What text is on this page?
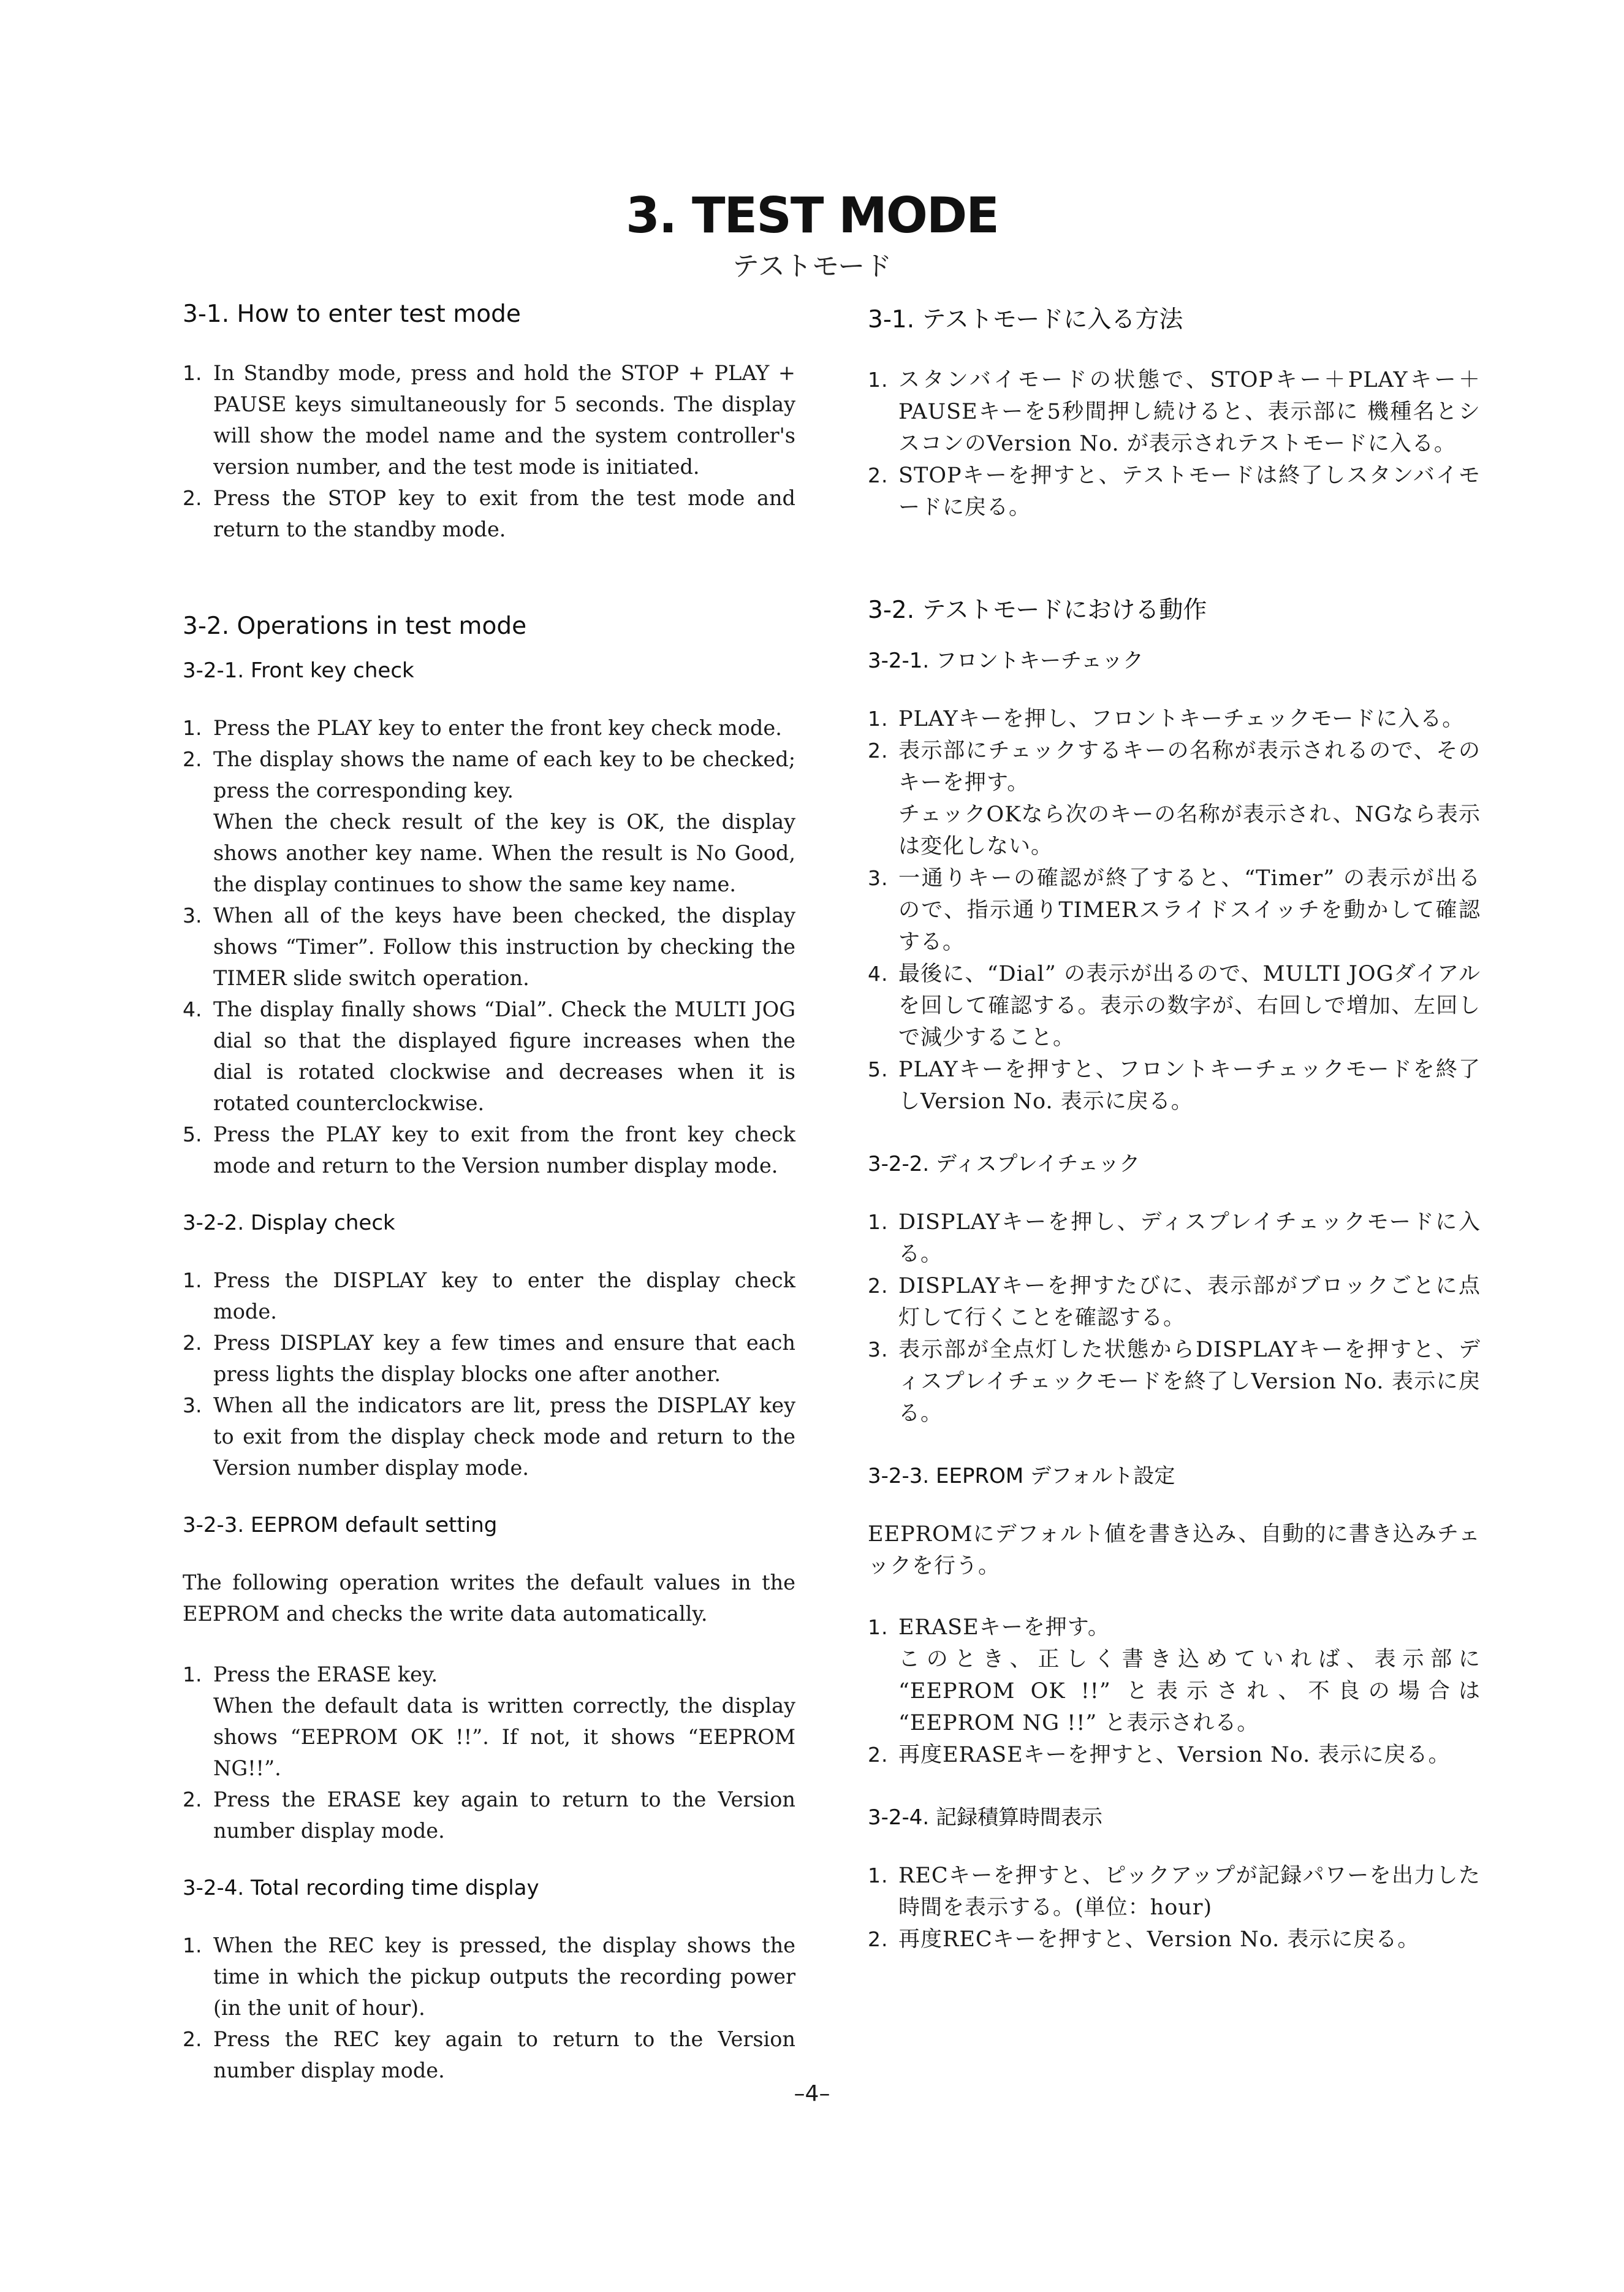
3. TEST MODE
テストモード
3-1. How to enter test mode
1. In Standby mode, press and hold the STOP + PLAY + PAUSE keys simultaneously for 5 seconds. The display will show the model name and the system controller's version number, and the test mode is initiated.
2. Press the STOP key to exit from the test mode and return to the standby mode.
3-2. Operations in test mode
3-2-1. Front key check
1. Press the PLAY key to enter the front key check mode.
2. The display shows the name of each key to be checked; press the corresponding key.
When the check result of the key is OK, the display shows another key name. When the result is No Good, the display continues to show the same key name.
3. When all of the keys have been checked, the display shows “Timer”. Follow this instruction by checking the TIMER slide switch operation.
4. The display finally shows “Dial”. Check the MULTI JOG dial so that the displayed figure increases when the dial is rotated clockwise and decreases when it is rotated counterclockwise.
5. Press the PLAY key to exit from the front key check mode and return to the Version number display mode.
3-2-2. Display check
1. Press the DISPLAY key to enter the display check mode.
2. Press DISPLAY key a few times and ensure that each press lights the display blocks one after another.
3. When all the indicators are lit, press the DISPLAY key to exit from the display check mode and return to the Version number display mode.
3-2-3. EEPROM default setting

The following operation writes the default values in the EEPROM and checks the write data automatically.

1. Press the ERASE key.
When the default data is written correctly, the display shows “EEPROM OK !!”. If not, it shows “EEPROM NG!!”.
2. Press the ERASE key again to return to the Version number display mode.
3-2-4. Total recording time display
1. When the REC key is pressed, the display shows the time in which the pickup outputs the recording power (in the unit of hour).
2. Press the REC key again to return to the Version number display mode.
3-1. テストモードに入る方法
1. スタンバイモードの状態で、STOPキー＋PLAYキー＋PAUSEキーを5秒間押し続けると、表示部に 機種名とシスコンのVersion No. が表示されテストモードに入る。
2. STOPキーを押すと、テストモードは終了しスタンバイモードに戻る。
3-2. テストモードにおける動作
3-2-1. フロントキーチェック
1. PLAYキーを押し、フロントキーチェックモードに入る。
2. 表示部にチェックするキーの名称が表示されるので、そのキーを押す。
チェックOKなら次のキーの名称が表示され、NGなら表示は変化しない。
3. 一通りキーの確認が終了すると、“Timer” の表示が出るので、指示通りTIMERスライドスイッチを動かして確認する。
4. 最後に、“Dial” の表示が出るので、MULTI JOGダイアルを回して確認する。表示の数字が、右回しで増加、左回しで減少すること。
5. PLAYキーを押すと、フロントキーチェックモードを終了しVersion No. 表示に戻る。
3-2-2. ディスプレイチェック
1. DISPLAYキーを押し、ディスプレイチェックモードに入る。
2. DISPLAYキーを押すたびに、表示部がブロックごとに点灯して行くことを確認する。
3. 表示部が全点灯した状態からDISPLAYキーを押すと、ディスプレイチェックモードを終了しVersion No. 表示に戻る。
3-2-3. EEPROM デフォルト設定

EEPROMにデフォルト値を書き込み、自動的に書き込みチェックを行う。

1. ERASEキーを押す。
このとき、正しく書き込めていれば、表示部に “EEPROM OK !!” と表示され、不良の場合は “EEPROM NG !!” と表示される。
2. 再度ERASEキーを押すと、Version No. 表示に戻る。
3-2-4. 記録積算時間表示
1. RECキーを押すと、ピックアップが記録パワーを出力した時間を表示する。(単位：hour)
2. 再度RECキーを押すと、Version No. 表示に戻る。
–4–
